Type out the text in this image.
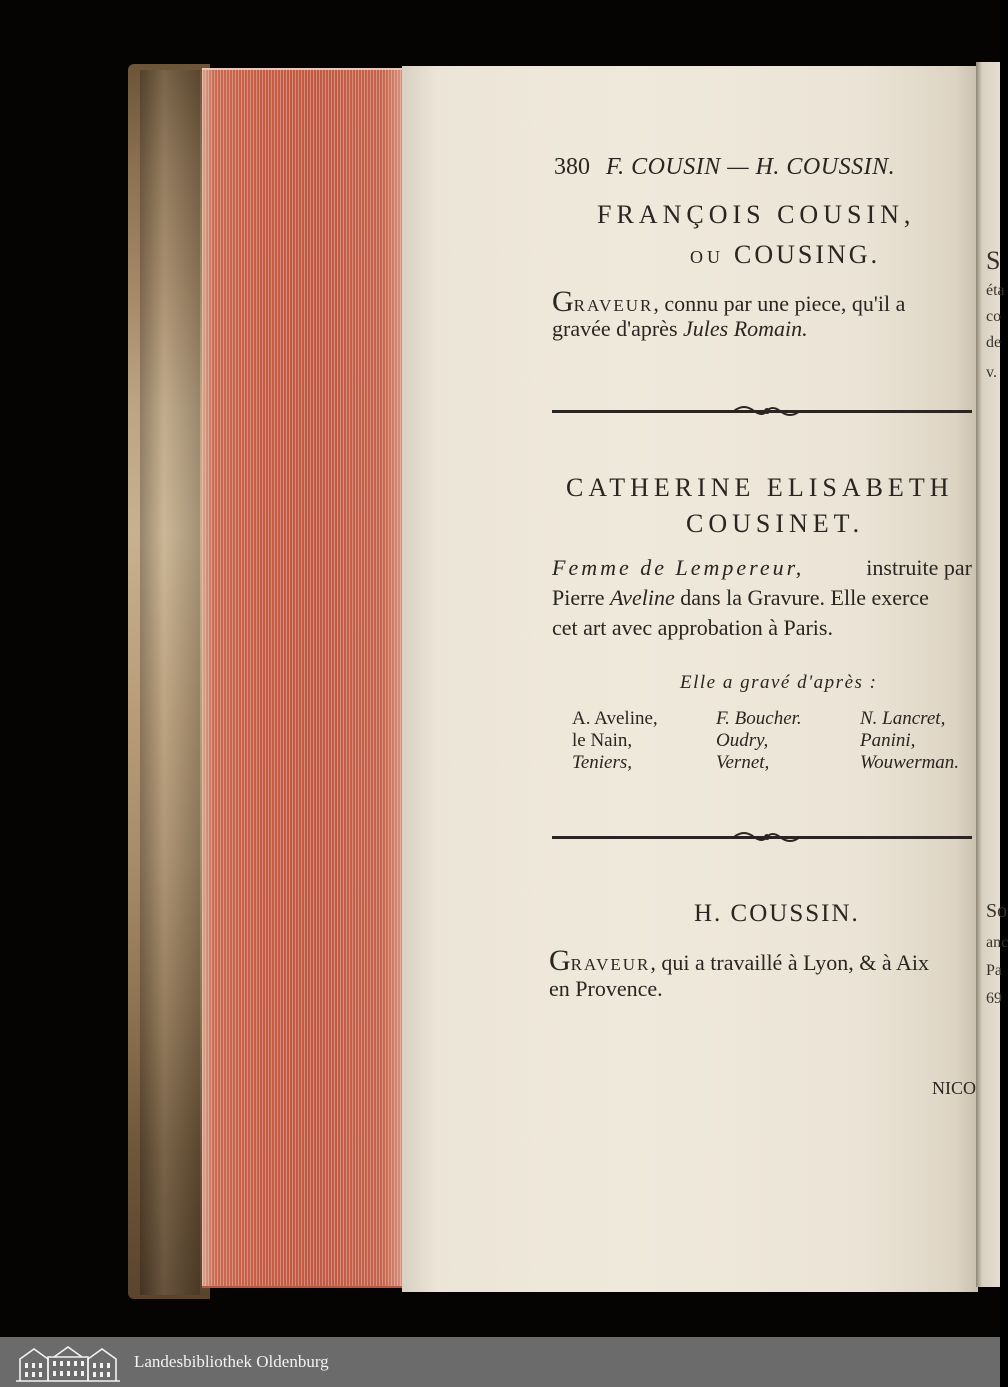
S
éta
co
de
v.
So
anc
Pa
69
380 F. COUSIN — H. COUSSIN.
FRANÇOIS COUSIN,
OU COUSING.
GRAVEUR, connu par une piece, qu'il a
gravée d'après Jules Romain.
CATHERINE ELISABETH
COUSINET.
Femme de Lempereur,	instruite par
Pierre Aveline dans la Gravure. Elle exerce
cet art avec approbation à Paris.
Elle a gravé d'après :
A. Aveline,
le Nain,
Teniers,
F. Boucher.
Oudry,
Vernet,
N. Lancret,
Panini,
Wouwerman.
H. COUSSIN.
GRAVEUR, qui a travaillé à Lyon, & à Aix
en Provence.
NICO
Landesbibliothek Oldenburg
